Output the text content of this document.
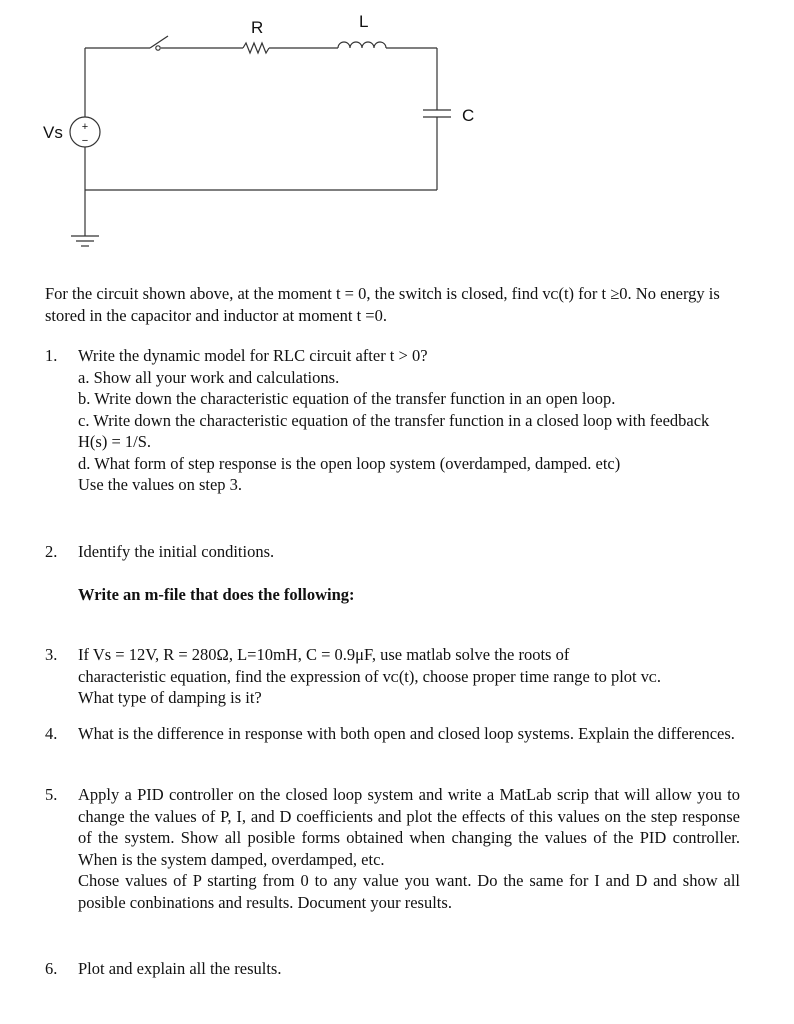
+
−
Vs
R	L
C
For the circuit shown above, at the moment t = 0, the switch is closed, find vᴄ(t) for t ≥0. No energy is stored in the capacitor and inductor at moment t =0.
1. Write the dynamic model for RLC circuit after t > 0?
a. Show all your work and calculations.
b. Write down the characteristic equation of the transfer function in an open loop.
c. Write down the characteristic equation of the transfer function in a closed loop with feedback H(s) = 1/S.
d. What form of step response is the open loop system (overdamped, damped. etc)
Use the values on step 3.
2. Identify the initial conditions.
Write an m-file that does the following:
3. If Vs = 12V, R = 280Ω, L=10mH, C = 0.9μF, use matlab solve the roots of
characteristic equation, find the expression of vᴄ(t), choose proper time range to plot vᴄ.
What type of damping is it?
4. What is the difference in response with both open and closed loop systems. Explain the differences.
5. Apply a PID controller on the closed loop system and write a MatLab scrip that will allow you to change the values of P, I, and D coefficients and plot the effects of this values on the step response of the system. Show all posible forms obtained when changing the values of the PID controller. When is the system damped, overdamped, etc.
Chose values of P starting from 0 to any value you want. Do the same for I and D and show all posible conbinations and results. Document your results.
6. Plot and explain all the results.
